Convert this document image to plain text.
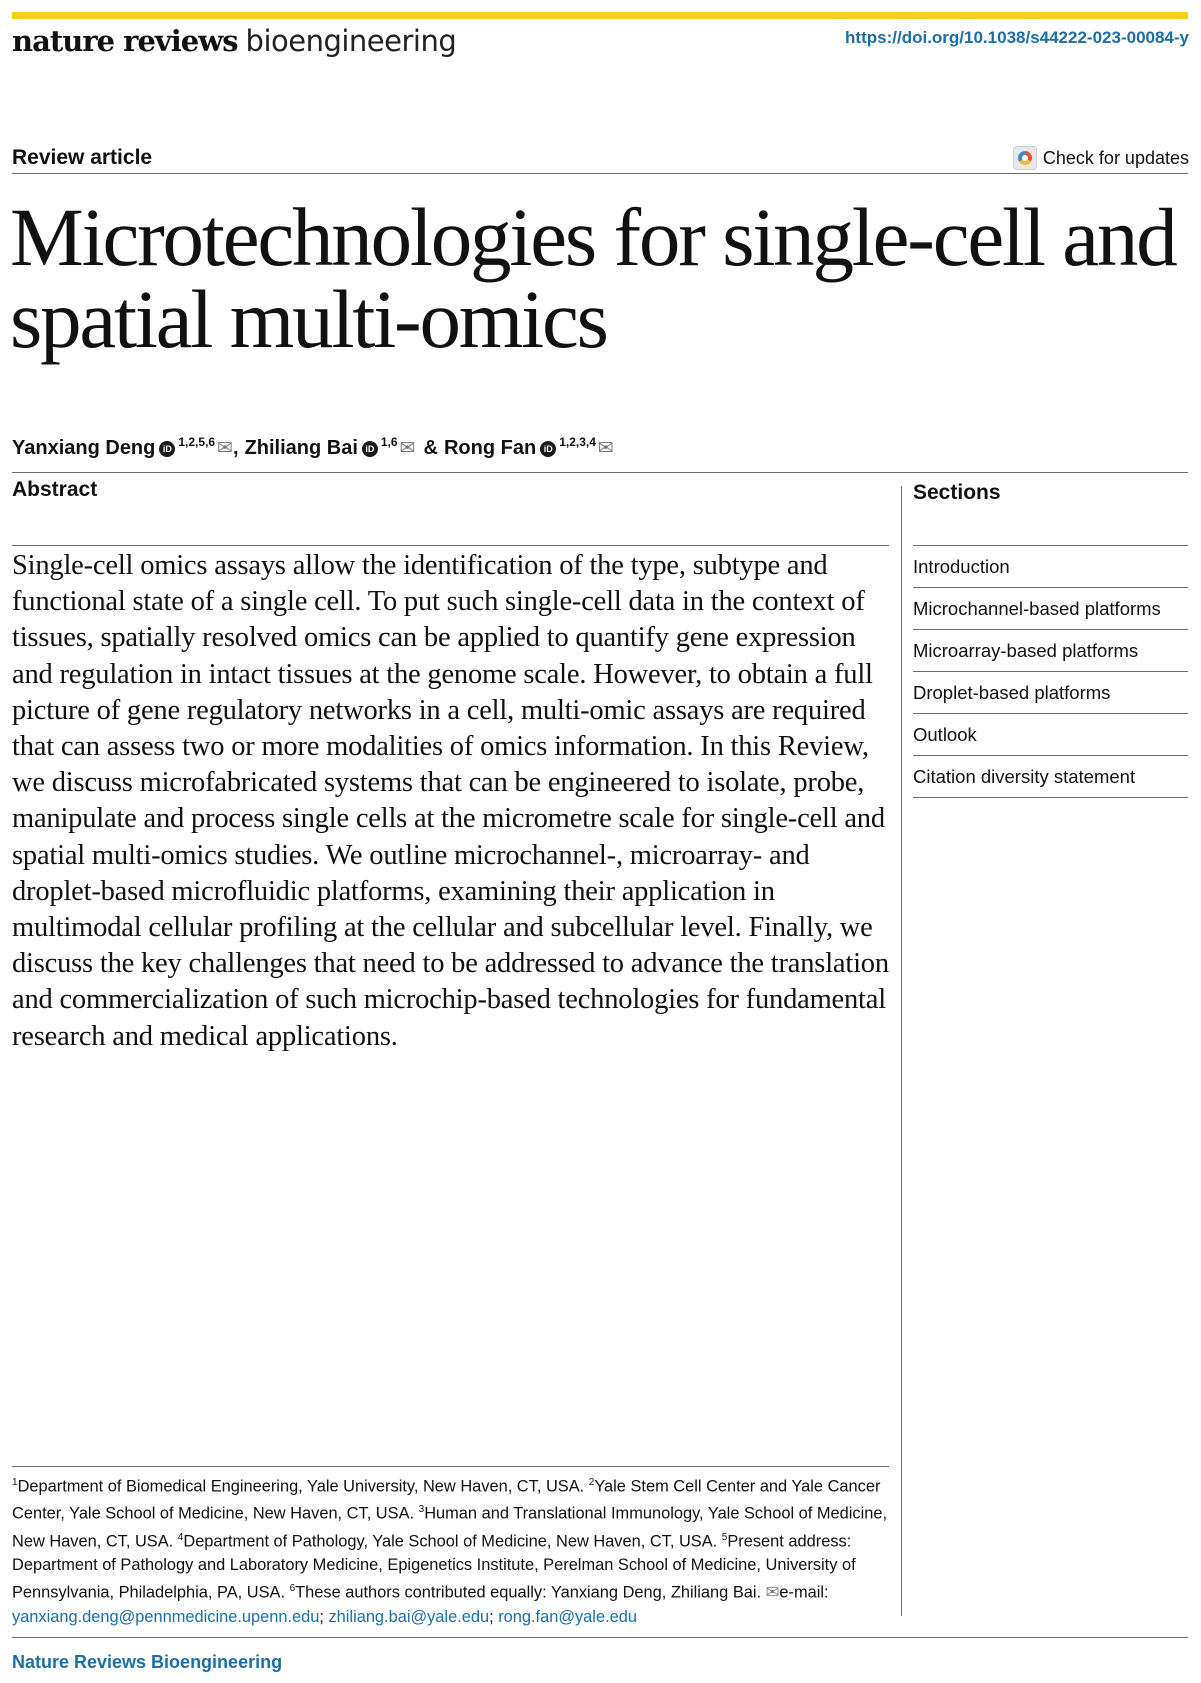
nature reviews bioengineering	https://doi.org/10.1038/s44222-023-00084-y
Review article	Check for updates
Microtechnologies for single-cell and spatial multi-omics
Yanxiang Deng iD 1,2,5,6 ✉ , Zhiliang Bai iD 1,6 ✉ & Rong Fan iD 1,2,3,4 ✉
Abstract	Sections

Single-cell omics assays allow the identification of the type, subtype and functional state of a single cell. To put such single-cell data in the context of tissues, spatially resolved omics can be applied to quantify gene expression and regulation in intact tissues at the genome scale. However, to obtain a full picture of gene regulatory networks in a cell, multi-omic assays are required that can assess two or more modalities of omics information. In this Review, we discuss microfabricated systems that can be engineered to isolate, probe, manipulate and process single cells at the micrometre scale for single-cell and spatial multi-omics studies. We outline microchannel-, microarray- and droplet-based microfluidic platforms, examining their application in multimodal cellular profiling at the cellular and subcellular level. Finally, we discuss the key challenges that need to be addressed to advance the translation and commercialization of such microchip-based technologies for fundamental research and medical applications.

Introduction
Microchannel-based platforms
Microarray-based platforms
Droplet-based platforms
Outlook
Citation diversity statement

$^1$Department of Biomedical Engineering, Yale University, New Haven, CT, USA. $^2$Yale Stem Cell Center and Yale Cancer Center, Yale School of Medicine, New Haven, CT, USA. $^3$Human and Translational Immunology, Yale School of Medicine, New Haven, CT, USA. $^4$Department of Pathology, Yale School of Medicine, New Haven, CT, USA. $^5$Present address: Department of Pathology and Laboratory Medicine, Epigenetics Institute, Perelman School of Medicine, University of Pennsylvania, Philadelphia, PA, USA. $^6$These authors contributed equally: Yanxiang Deng, Zhiliang Bai. ✉e-mail: yanxiang.deng@pennmedicine.upenn.edu; zhiliang.bai@yale.edu; rong.fan@yale.edu

Nature Reviews Bioengineering
